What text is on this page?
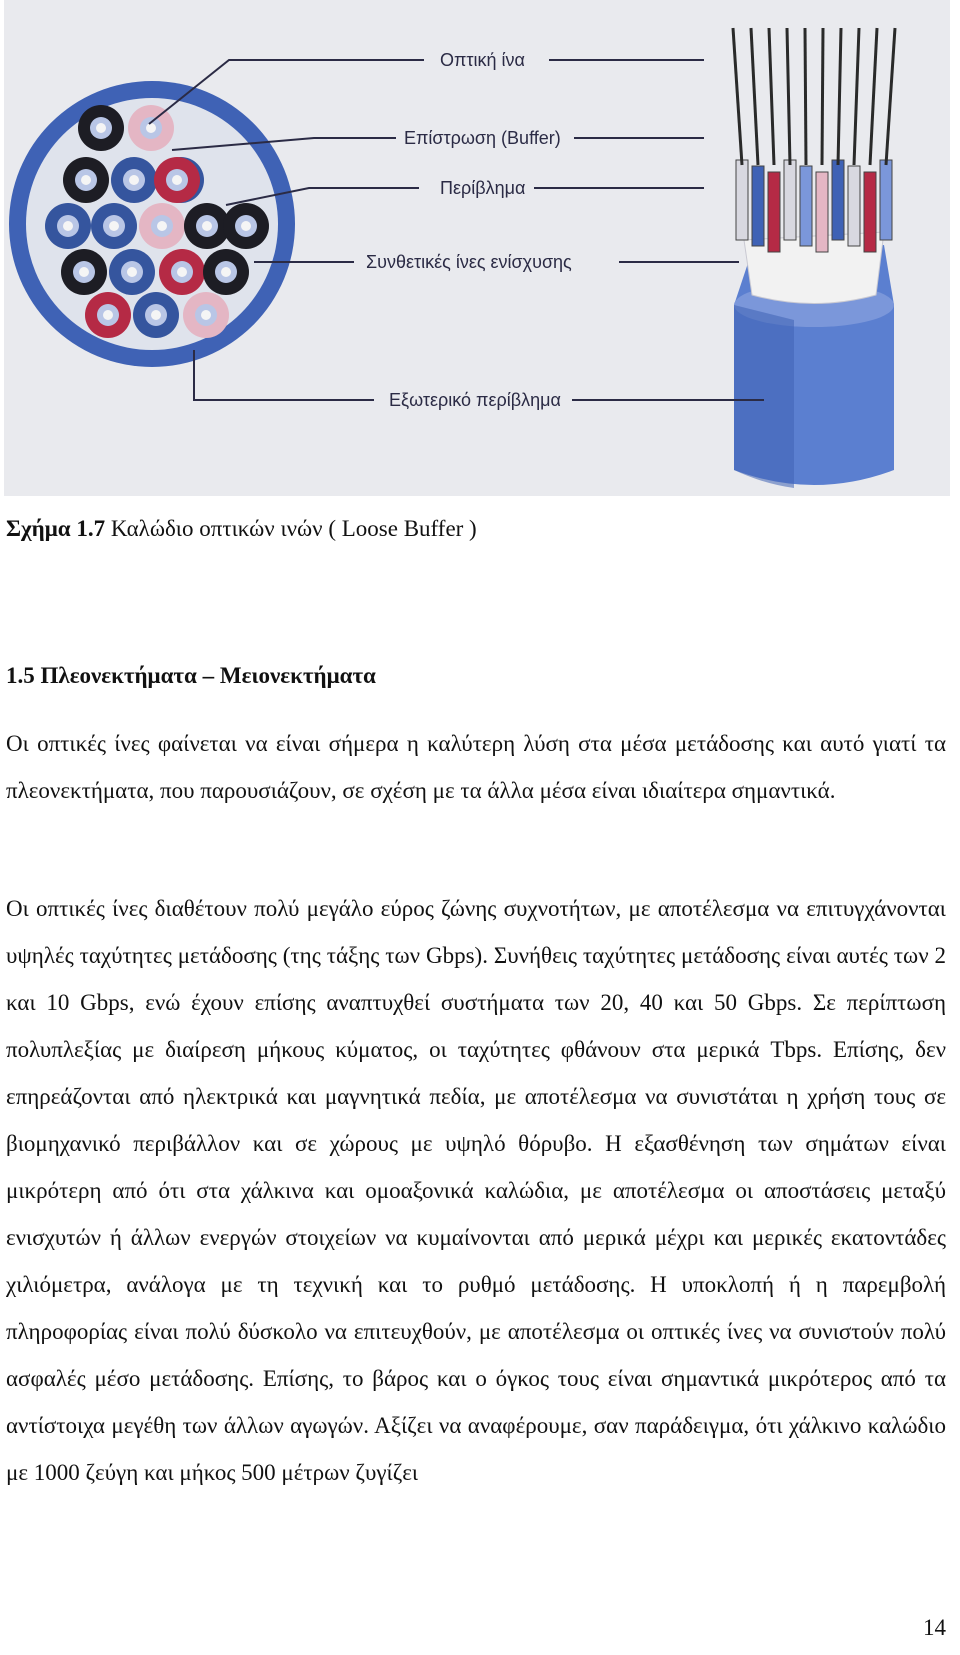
Οπτική ίνα
Επίστρωση (Buffer)
Περίβλημα
Συνθετικές ίνες ενίσχυσης
Εξωτερικό περίβλημα
Σχήμα 1.7 Καλώδιο οπτικών ινών ( Loose Buffer )
1.5 Πλεονεκτήματα – Μειονεκτήματα

Οι οπτικές ίνες φαίνεται να είναι σήμερα η καλύτερη λύση στα μέσα μετάδοσης και αυτό γιατί τα πλεονεκτήματα, που παρουσιάζουν, σε σχέση με τα άλλα μέσα είναι ιδιαίτερα σημαντικά.

Οι οπτικές ίνες διαθέτουν πολύ μεγάλο εύρος ζώνης συχνοτήτων, με αποτέλεσμα να επιτυγχάνονται υψηλές ταχύτητες μετάδοσης (της τάξης των Gbps). Συνήθεις ταχύτητες μετάδοσης είναι αυτές των 2 και 10 Gbps, ενώ έχουν επίσης αναπτυχθεί συστήματα των 20, 40 και 50 Gbps. Σε περίπτωση πολυπλεξίας με διαίρεση μήκους κύματος, οι ταχύτητες φθάνουν στα μερικά Tbps. Επίσης, δεν επηρεάζονται από ηλεκτρικά και μαγνητικά πεδία, με αποτέλεσμα να συνιστάται η χρήση τους σε βιομηχανικό περιβάλλον και σε χώρους με υψηλό θόρυβο. Η εξασθένηση των σημάτων είναι μικρότερη από ότι στα χάλκινα και ομοαξονικά καλώδια, με αποτέλεσμα οι αποστάσεις μεταξύ ενισχυτών ή άλλων ενεργών στοιχείων να κυμαίνονται από μερικά μέχρι και μερικές εκατοντάδες χιλιόμετρα, ανάλογα με τη τεχνική και το ρυθμό μετάδοσης. Η υποκλοπή ή η παρεμβολή πληροφορίας είναι πολύ δύσκολο να επιτευχθούν, με αποτέλεσμα οι οπτικές ίνες να συνιστούν πολύ ασφαλές μέσο μετάδοσης. Επίσης, το βάρος και ο όγκος τους είναι σημαντικά μικρότερος από τα αντίστοιχα μεγέθη των άλλων αγωγών. Αξίζει να αναφέρουμε, σαν παράδειγμα, ότι χάλκινο καλώδιο με 1000 ζεύγη και μήκος 500 μέτρων ζυγίζει

14
